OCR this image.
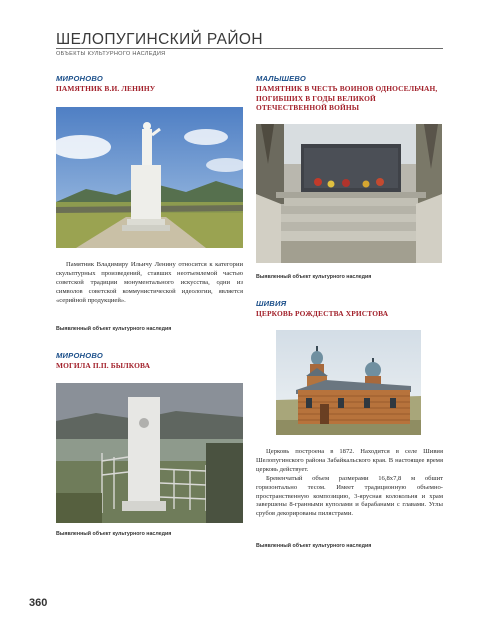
ШЕЛОПУГИНСКИЙ РАЙОН
ОБЪЕКТЫ КУЛЬТУРНОГО НАСЛЕДИЯ
МИРОНОВО
ПАМЯТНИК В.И. ЛЕНИНУ

Памятник Владимиру Ильичу Ленину относится к категории скульптурных произведений, ставших неотъемлемой частью советской традиции монументального искусства, одни из символов советской коммунистической идеологии, является «серийной продукцией».

Выявленный объект культурного наследия
МАЛЫШЕВО
ПАМЯТНИК В ЧЕСТЬ ВОИНОВ ОДНОСЕЛЬЧАН, ПОГИБШИХ В ГОДЫ ВЕЛИКОЙ ОТЕЧЕСТВЕННОЙ ВОЙНЫ
Выявленный объект культурного наследия
МИРОНОВО
МОГИЛА П.П. БЫЛКОВА
Выявленный объект культурного наследия
ШИВИЯ
ЦЕРКОВЬ РОЖДЕСТВА ХРИСТОВА

Церковь построена в 1872. Находится в селе Шивия Шелопугинского района Забайкальского края. В настоящее время церковь действует.

Бревенчатый объем размерами 16,8х7,8 м обшит горизонтально тесом. Имеет традиционную объемно-пространственную композицию, 3-ярусная колокольня и храм завершены 8-гранными куполами и барабанами с главами. Углы срубов декорированы пилястрами.

Выявленный объект культурного наследия
360
